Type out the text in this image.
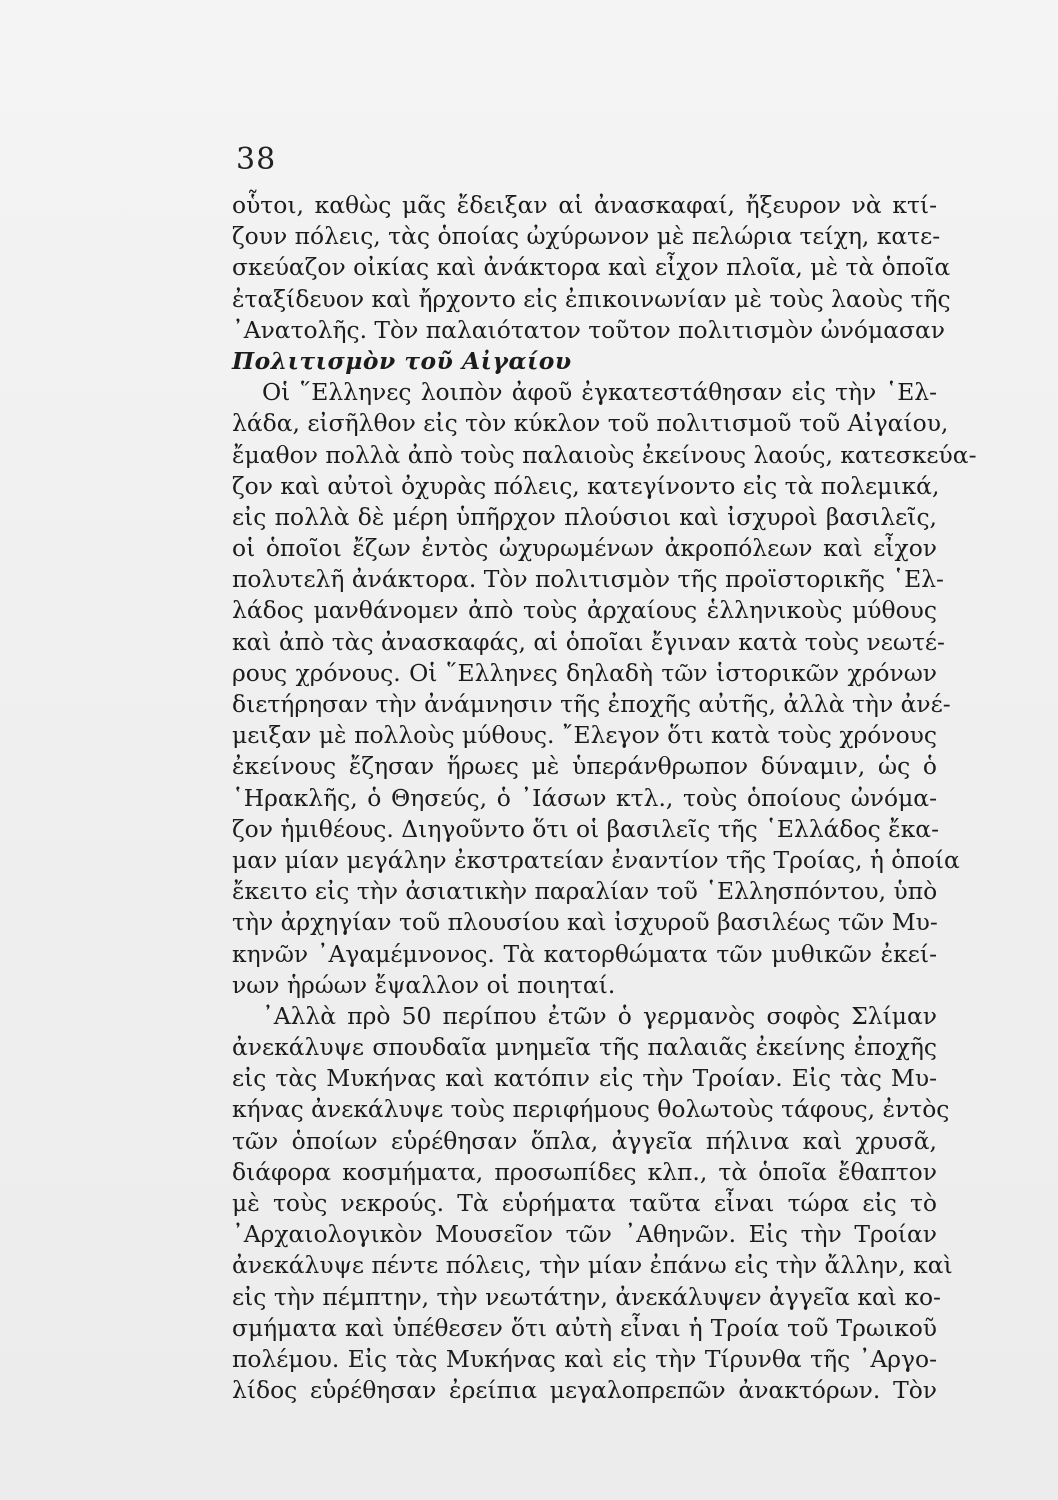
38
οὗτοι, καθὼς μᾶς ἔδειξαν αἱ ἀνασκαφαί, ἤξευρον νὰ κτί-
ζουν πόλεις, τὰς ὁποίας ὠχύρωνον μὲ πελώρια τείχη, κατε-
σκεύαζον οἰκίας καὶ ἀνάκτορα καὶ εἶχον πλοῖα, μὲ τὰ ὁποῖα
ἐταξίδευον καὶ ἤρχοντο εἰς ἐπικοινωνίαν μὲ τοὺς λαοὺς τῆς
᾿Ανατολῆς. Τὸν παλαιότατον τοῦτον πολιτισμὸν ὠνόμασαν
Πολιτισμὸν τοῦ Αἰγαίου
Οἱ ῞Ελληνες λοιπὸν ἀφοῦ ἐγκατεστάθησαν εἰς τὴν ῾Ελ-
λάδα, εἰσῆλθον εἰς τὸν κύκλον τοῦ πολιτισμοῦ τοῦ Αἰγαίου,
ἔμαθον πολλὰ ἀπὸ τοὺς παλαιοὺς ἐκείνους λαούς, κατεσκεύα-
ζον καὶ αὐτοὶ ὀχυρὰς πόλεις, κατεγίνοντο εἰς τὰ πολεμικά,
εἰς πολλὰ δὲ μέρη ὑπῆρχον πλούσιοι καὶ ἰσχυροὶ βασιλεῖς,
οἱ ὁποῖοι ἔζων ἐντὸς ὠχυρωμένων ἀκροπόλεων καὶ εἶχον
πολυτελῆ ἀνάκτορα. Τὸν πολιτισμὸν τῆς προϊστορικῆς ῾Ελ-
λάδος μανθάνομεν ἀπὸ τοὺς ἀρχαίους ἑλληνικοὺς μύθους
καὶ ἀπὸ τὰς ἀνασκαφάς, αἱ ὁποῖαι ἔγιναν κατὰ τοὺς νεωτέ-
ρους χρόνους. Οἱ ῞Ελληνες δηλαδὴ τῶν ἱστορικῶν χρόνων
διετήρησαν τὴν ἀνάμνησιν τῆς ἐποχῆς αὐτῆς, ἀλλὰ τὴν ἀνέ-
μειξαν μὲ πολλοὺς μύθους. ῎Ελεγον ὅτι κατὰ τοὺς χρόνους
ἐκείνους ἔζησαν ἥρωες μὲ ὑπεράνθρωπον δύναμιν, ὡς ὁ
῾Ηρακλῆς, ὁ Θησεύς, ὁ ᾿Ιάσων κτλ., τοὺς ὁποίους ὠνόμα-
ζον ἡμιθέους. Διηγοῦντο ὅτι οἱ βασιλεῖς τῆς ῾Ελλάδος ἔκα-
μαν μίαν μεγάλην ἐκστρατείαν ἐναντίον τῆς Τροίας, ἡ ὁποία
ἔκειτο εἰς τὴν ἀσιατικὴν παραλίαν τοῦ ῾Ελλησπόντου, ὑπὸ
τὴν ἀρχηγίαν τοῦ πλουσίου καὶ ἰσχυροῦ βασιλέως τῶν Μυ-
κηνῶν ᾿Αγαμέμνονος. Τὰ κατορθώματα τῶν μυθικῶν ἐκεί-
νων ἡρώων ἔψαλλον οἱ ποιηταί.
᾿Αλλὰ πρὸ 50 περίπου ἐτῶν ὁ γερμανὸς σοφὸς Σλίμαν
ἀνεκάλυψε σπουδαῖα μνημεῖα τῆς παλαιᾶς ἐκείνης ἐποχῆς
εἰς τὰς Μυκήνας καὶ κατόπιν εἰς τὴν Τροίαν. Εἰς τὰς Μυ-
κήνας ἀνεκάλυψε τοὺς περιφήμους θολωτοὺς τάφους, ἐντὸς
τῶν ὁποίων εὑρέθησαν ὅπλα, ἀγγεῖα πήλινα καὶ χρυσᾶ,
διάφορα κοσμήματα, προσωπίδες κλπ., τὰ ὁποῖα ἔθαπτον
μὲ τοὺς νεκρούς. Τὰ εὑρήματα ταῦτα εἶναι τώρα εἰς τὸ
᾿Αρχαιολογικὸν Μουσεῖον τῶν ᾿Αθηνῶν. Εἰς τὴν Τροίαν
ἀνεκάλυψε πέντε πόλεις, τὴν μίαν ἐπάνω εἰς τὴν ἄλλην, καὶ
εἰς τὴν πέμπτην, τὴν νεωτάτην, ἀνεκάλυψεν ἀγγεῖα καὶ κο-
σμήματα καὶ ὑπέθεσεν ὅτι αὐτὴ εἶναι ἡ Τροία τοῦ Τρωικοῦ
πολέμου. Εἰς τὰς Μυκήνας καὶ εἰς τὴν Τίρυνθα τῆς ᾿Αργο-
λίδος εὑρέθησαν ἐρείπια μεγαλοπρεπῶν ἀνακτόρων. Τὸν
